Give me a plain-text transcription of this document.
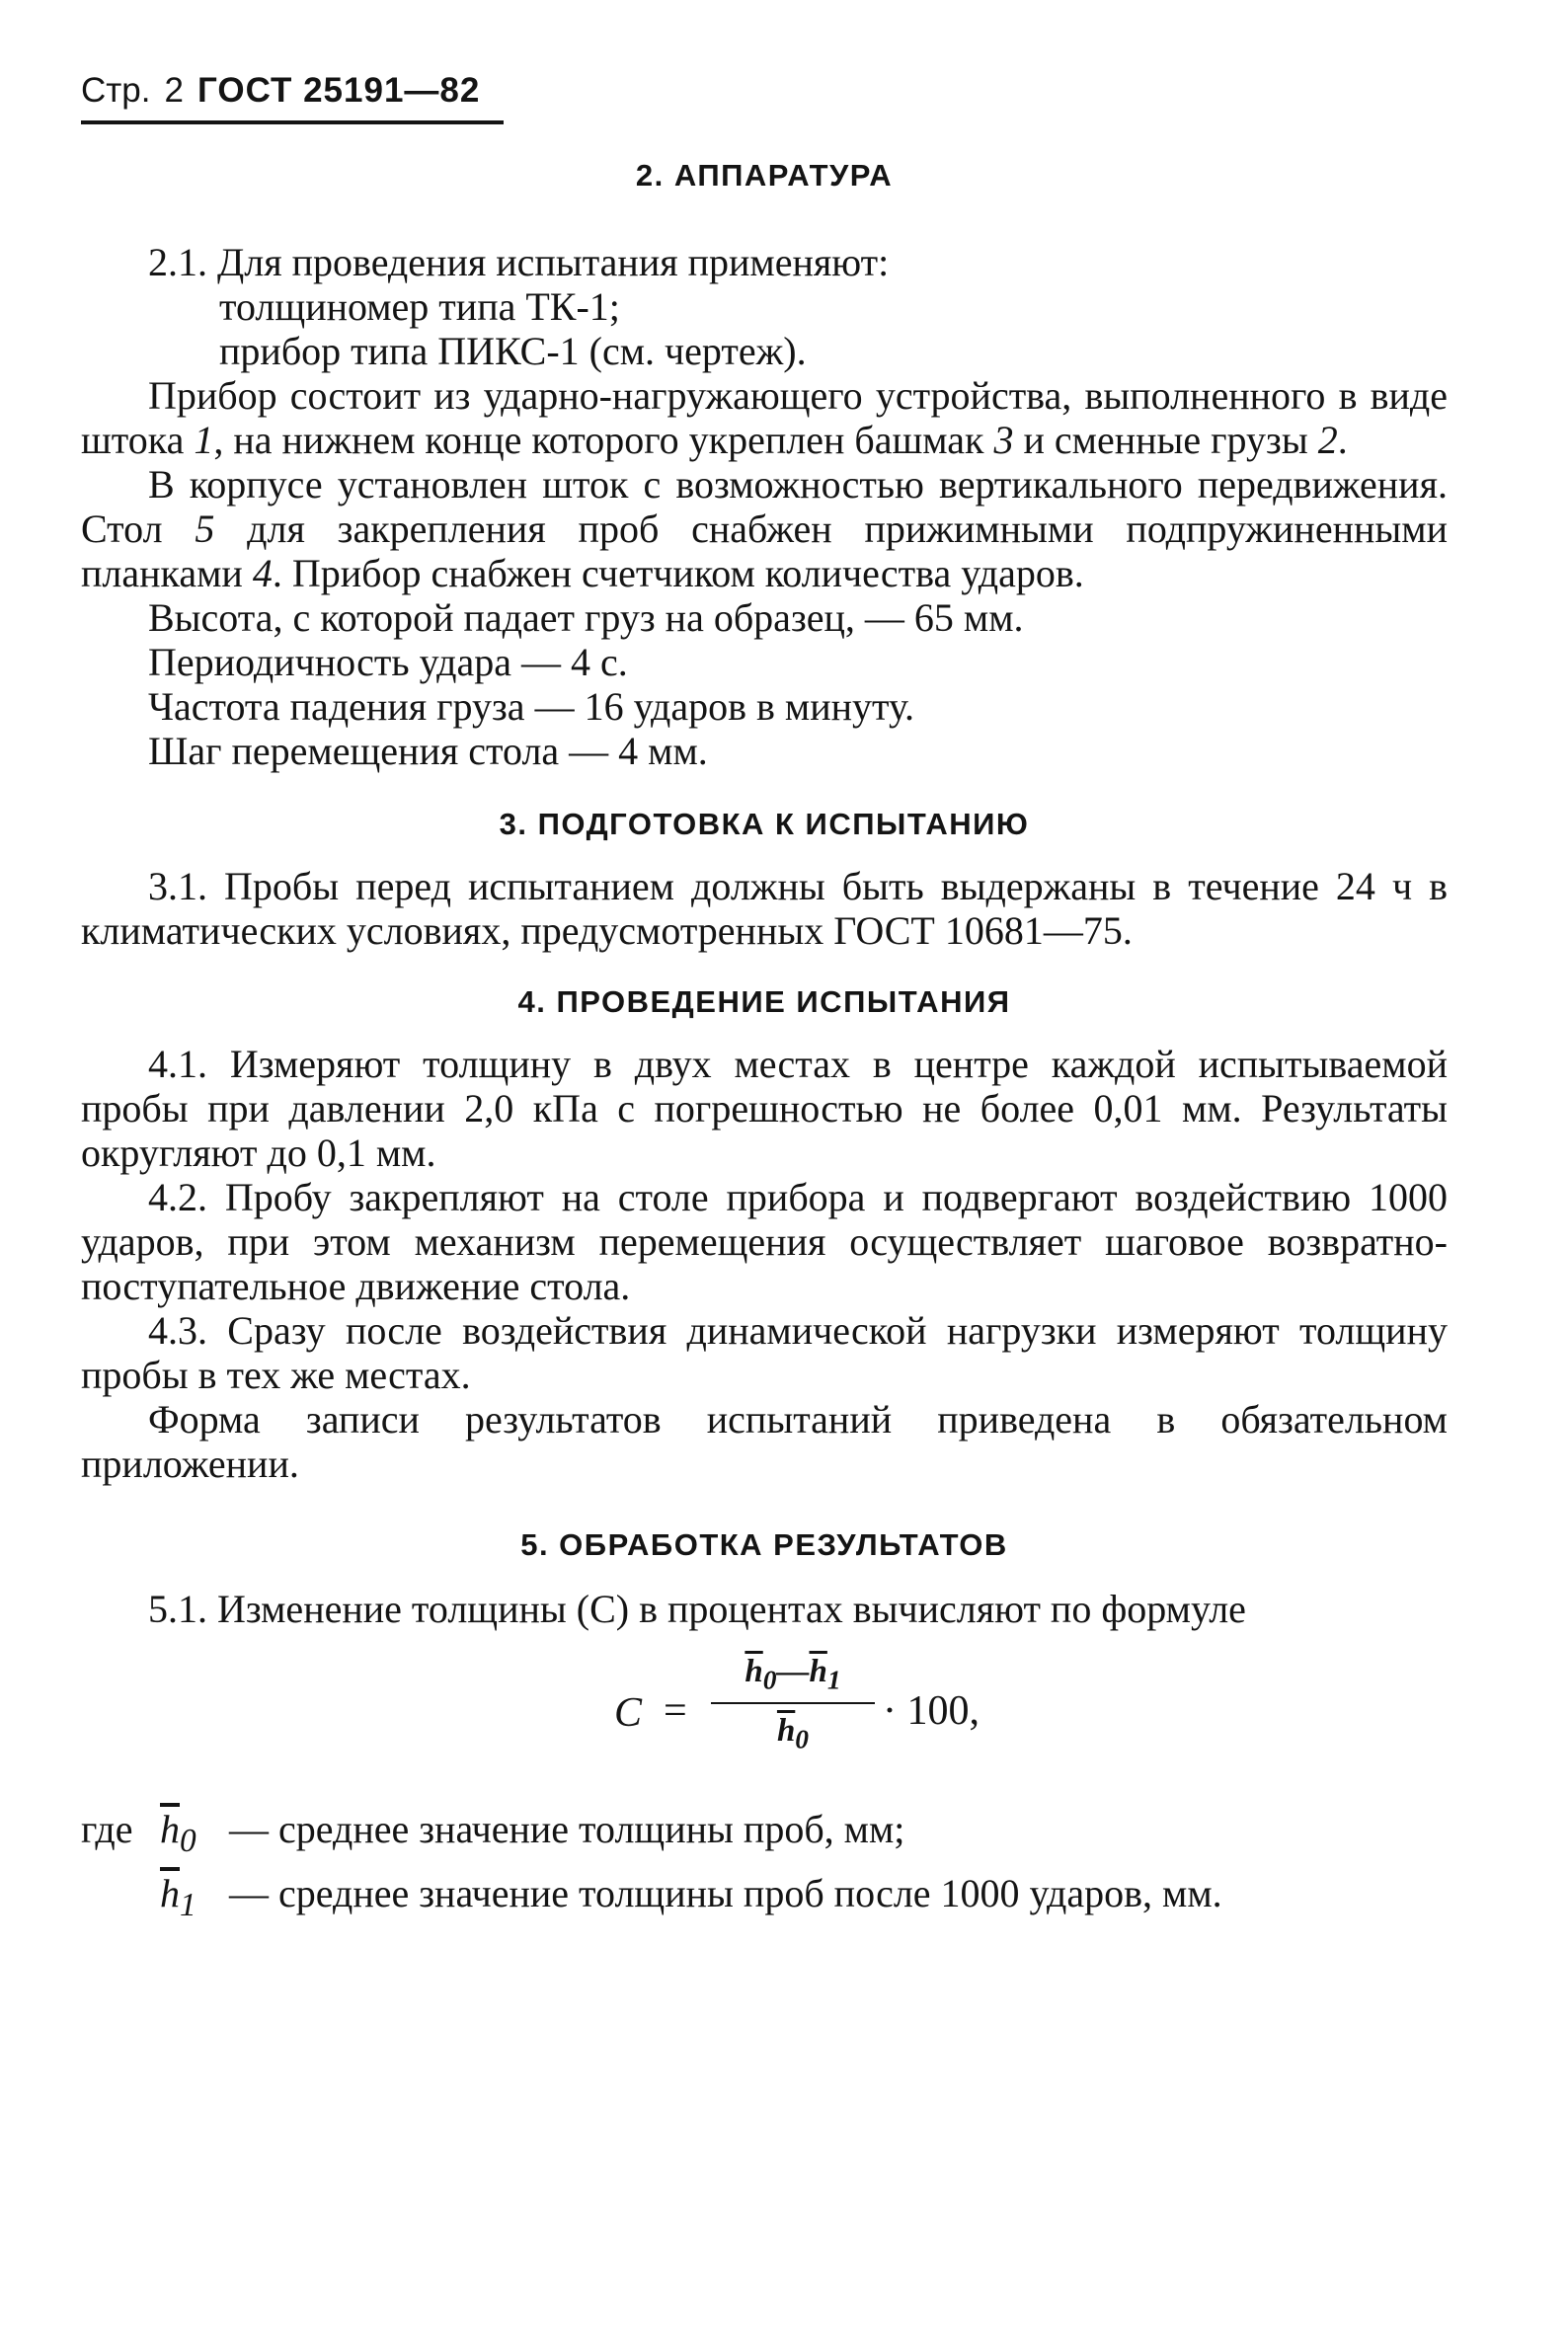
Стр. 2 ГОСТ 25191—82
2. АППАРАТУРА

2.1. Для проведения испытания применяют:

толщиномер типа ТК-1;

прибор типа ПИКС-1 (см. чертеж).

Прибор состоит из ударно-нагружающего устройства, выполненного в виде штока 1, на нижнем конце которого укреплен башмак 3 и сменные грузы 2.

В корпусе установлен шток с возможностью вертикального передвижения. Стол 5 для закрепления проб снабжен прижимными подпружиненными планками 4. Прибор снабжен счетчиком количества ударов.

Высота, с которой падает груз на образец, — 65 мм.

Периодичность удара — 4 с.

Частота падения груза — 16 ударов в минуту.

Шаг перемещения стола — 4 мм.

3. ПОДГОТОВКА К ИСПЫТАНИЮ

3.1. Пробы перед испытанием должны быть выдержаны в течение 24 ч в климатических условиях, предусмотренных ГОСТ 10681—75.

4. ПРОВЕДЕНИЕ ИСПЫТАНИЯ

4.1. Измеряют толщину в двух местах в центре каждой испытываемой пробы при давлении 2,0 кПа с погрешностью не более 0,01 мм. Результаты округляют до 0,1 мм.

4.2. Пробу закрепляют на столе прибора и подвергают воздействию 1000 ударов, при этом механизм перемещения осуществляет шаговое возвратно-поступательное движение стола.

4.3. Сразу после воздействия динамической нагрузки измеряют толщину пробы в тех же местах.

Форма записи результатов испытаний приведена в обязательном приложении.

5. ОБРАБОТКА РЕЗУЛЬТАТОВ

5.1. Изменение толщины (C) в процентах вычисляют по формуле

C =
$\overline{h}_0—\overline{h}_1$
$\overline{h}_0$
· 100,
где $\overline{h}_0$ — среднее значение толщины проб, мм;
$\overline{h}_1$ — среднее значение толщины проб после 1000 ударов, мм.
